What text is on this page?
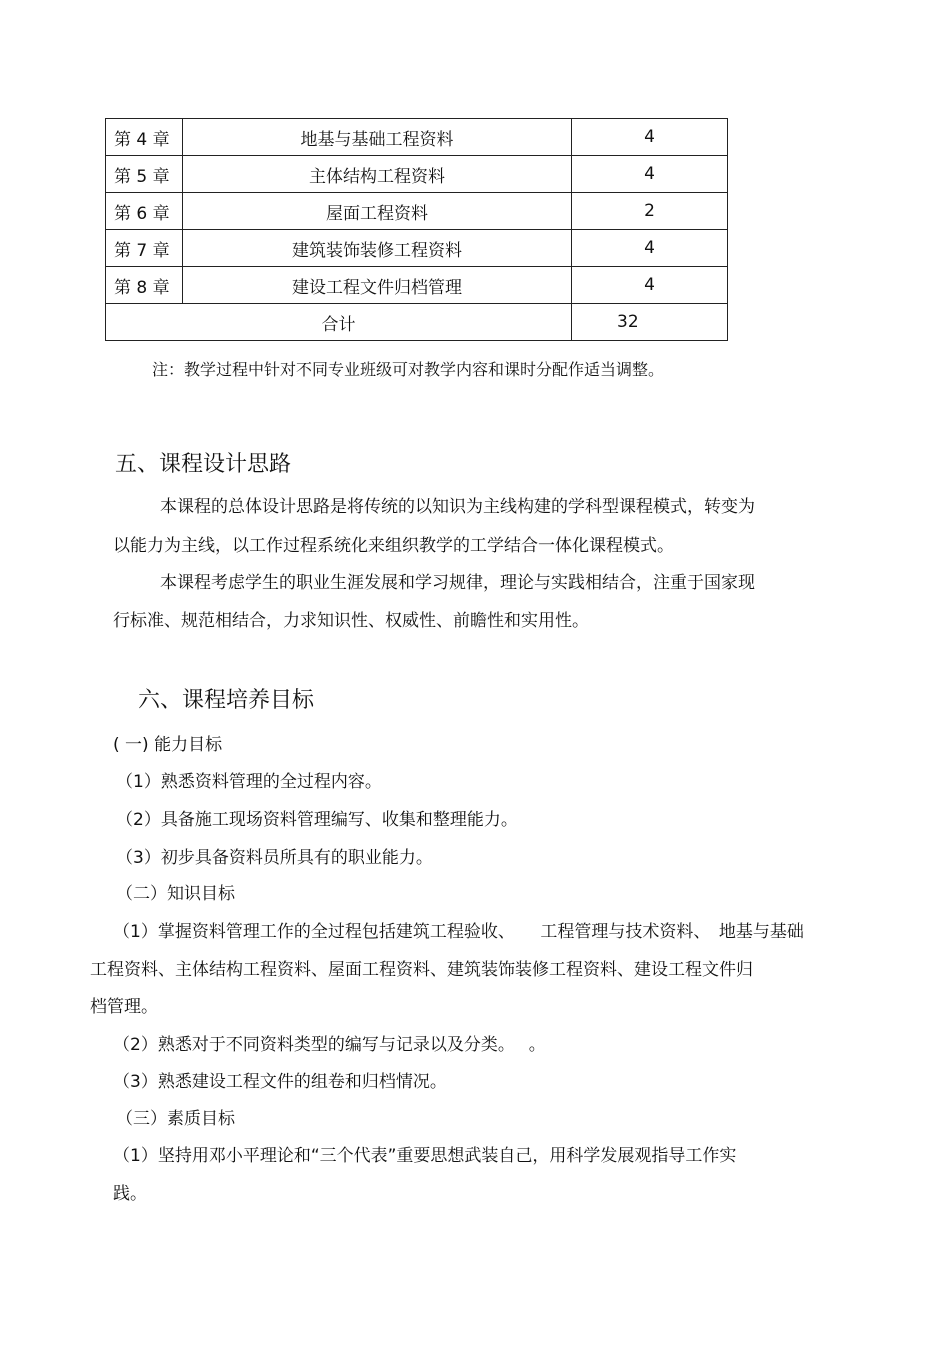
第 4 章	地基与基础工程资料	4
第 5 章	主体结构工程资料	4
第 6 章	屋面工程资料	2
第 7 章	建筑装饰装修工程资料	4
第 8 章	建设工程文件归档管理	4
合计		32
注：教学过程中针对不同专业班级可对教学内容和课时分配作适当调整。
五、课程设计思路
本课程的总体设计思路是将传统的以知识为主线构建的学科型课程模式，转变为
以能力为主线，以工作过程系统化来组织教学的工学结合一体化课程模式。
本课程考虑学生的职业生涯发展和学习规律，理论与实践相结合，注重于国家现
行标准、规范相结合，力求知识性、权威性、前瞻性和实用性。
六、课程培养目标
( 一) 能力目标
（1）熟悉资料管理的全过程内容。
（2）具备施工现场资料管理编写、收集和整理能力。
（3）初步具备资料员所具有的职业能力。
（二）知识目标
（1）掌握资料管理工作的全过程包括建筑工程验收、　　工程管理与技术资料、　地基与基础
工程资料、主体结构工程资料、屋面工程资料、建筑装饰装修工程资料、建设工程文件归
档管理。
（2）熟悉对于不同资料类型的编写与记录以及分类。　 。
（3）熟悉建设工程文件的组卷和归档情况。
（三）素质目标
（1）坚持用邓小平理论和“三个代表”重要思想武装自己，用科学发展观指导工作实
践。
